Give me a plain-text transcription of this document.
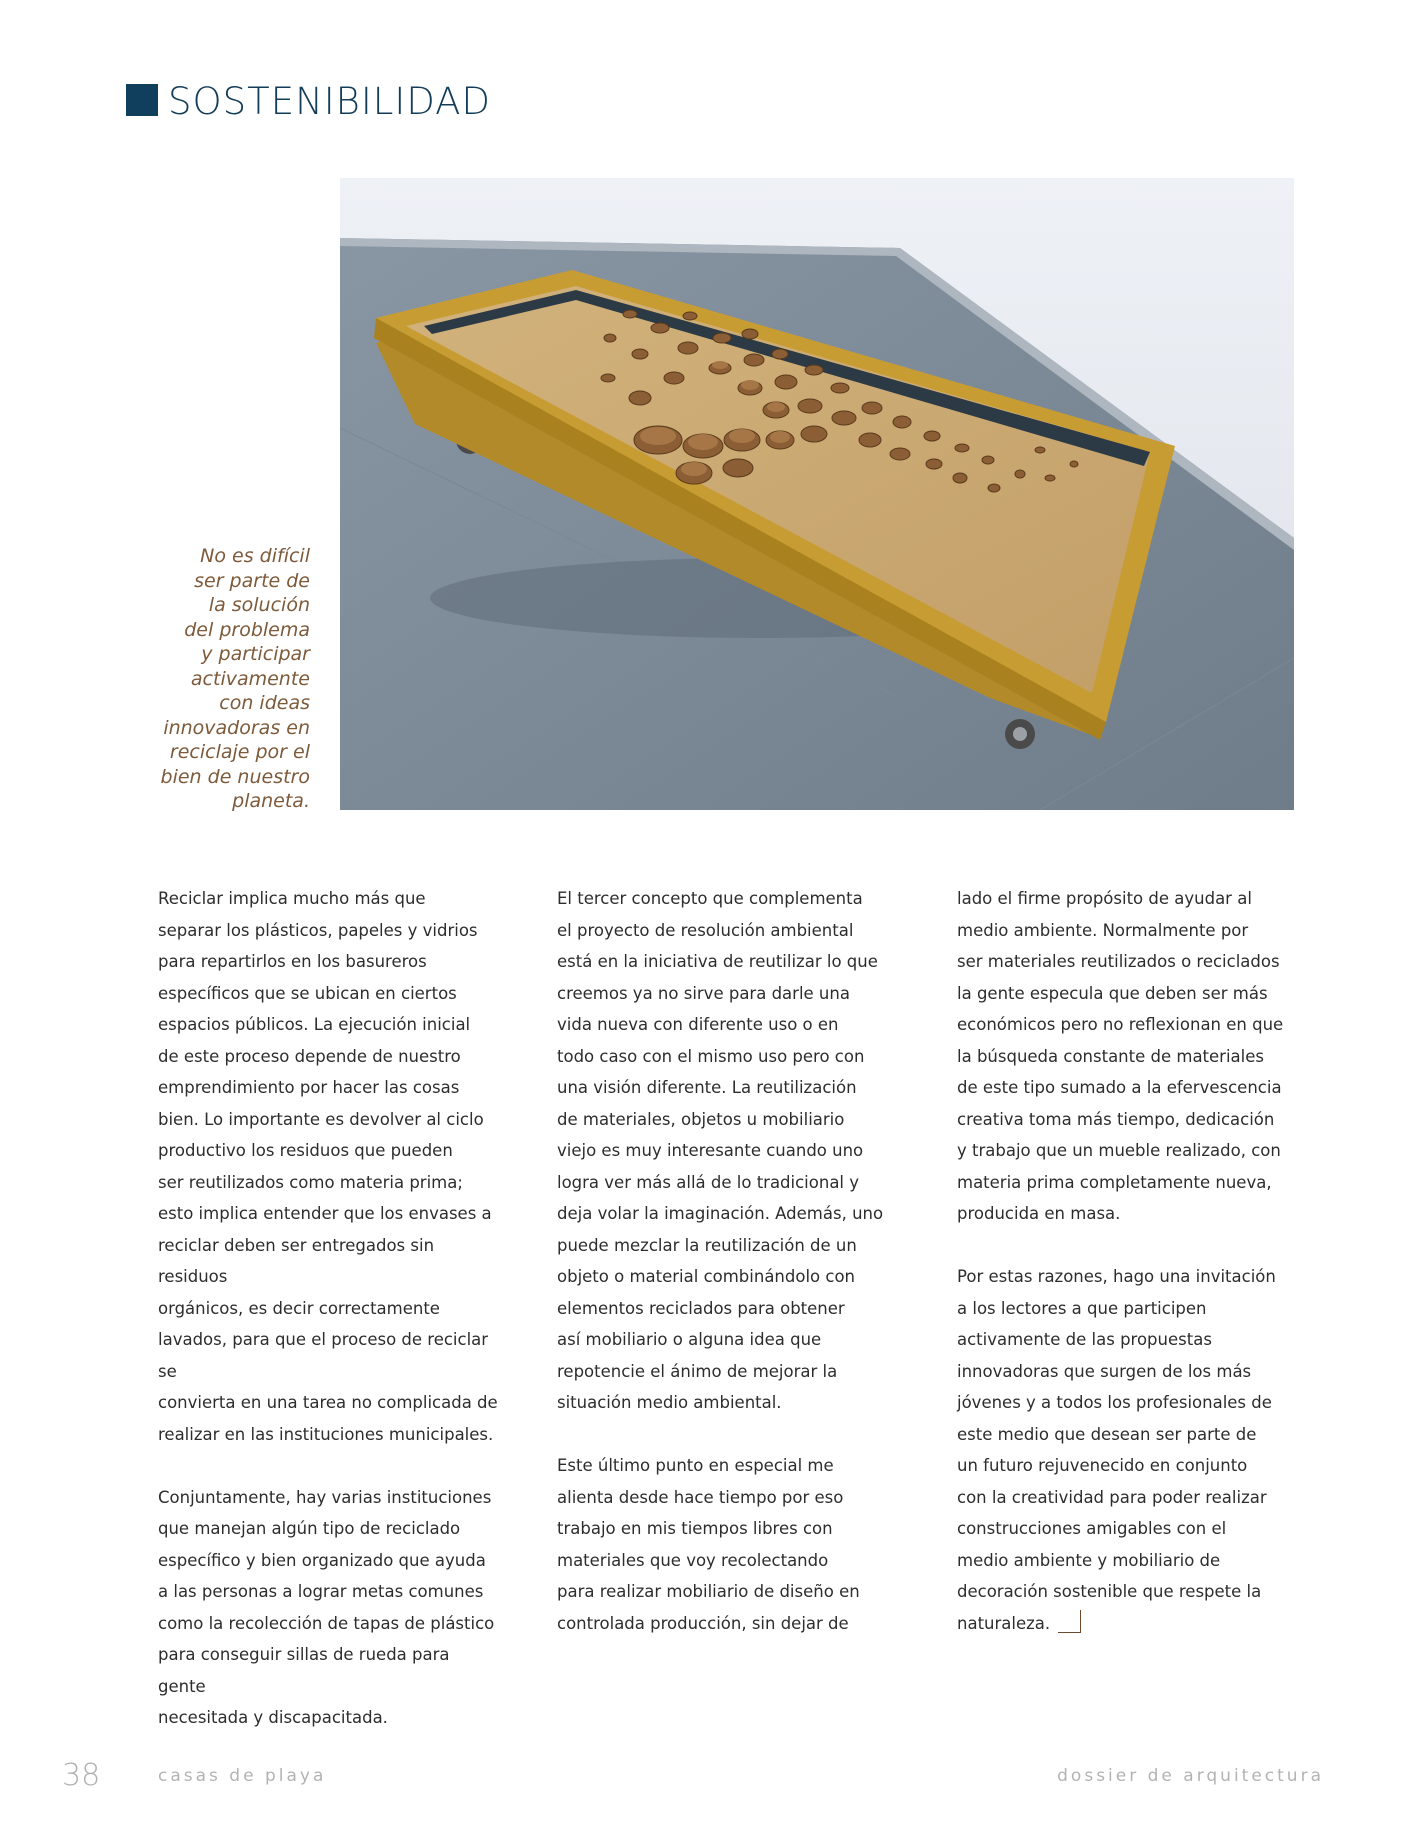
SOSTENIBILIDAD
No es difícil
ser parte de
la solución
del problema
y participar
activamente
con ideas
innovadoras en
reciclaje por el
bien de nuestro
planeta.

Reciclar implica mucho más que
separar los plásticos, papeles y vidrios
para repartirlos en los basureros
específicos que se ubican en ciertos
espacios públicos. La ejecución inicial
de este proceso depende de nuestro
emprendimiento por hacer las cosas
bien. Lo importante es devolver al ciclo
productivo los residuos que pueden
ser reutilizados como materia prima;
esto implica entender que los envases a
reciclar deben ser entregados sin residuos
orgánicos, es decir correctamente
lavados, para que el proceso de reciclar se
convierta en una tarea no complicada de
realizar en las instituciones municipales.

Conjuntamente, hay varias instituciones
que manejan algún tipo de reciclado
específico y bien organizado que ayuda
a las personas a lograr metas comunes
como la recolección de tapas de plástico
para conseguir sillas de rueda para gente
necesitada y discapacitada.

El tercer concepto que complementa
el proyecto de resolución ambiental
está en la iniciativa de reutilizar lo que
creemos ya no sirve para darle una
vida nueva con diferente uso o en
todo caso con el mismo uso pero con
una visión diferente. La reutilización
de materiales, objetos u mobiliario
viejo es muy interesante cuando uno
logra ver más allá de lo tradicional y
deja volar la imaginación. Además, uno
puede mezclar la reutilización de un
objeto o material combinándolo con
elementos reciclados para obtener
así mobiliario o alguna idea que
repotencie el ánimo de mejorar la
situación medio ambiental.

Este último punto en especial me
alienta desde hace tiempo por eso
trabajo en mis tiempos libres con
materiales que voy recolectando
para realizar mobiliario de diseño en
controlada producción, sin dejar de

lado el firme propósito de ayudar al
medio ambiente. Normalmente por
ser materiales reutilizados o reciclados
la gente especula que deben ser más
económicos pero no reflexionan en que
la búsqueda constante de materiales
de este tipo sumado a la efervescencia
creativa toma más tiempo, dedicación
y trabajo que un mueble realizado, con
materia prima completamente nueva,
producida en masa.

Por estas razones, hago una invitación
a los lectores a que participen
activamente de las propuestas
innovadoras que surgen de los más
jóvenes y a todos los profesionales de
este medio que desean ser parte de
un futuro rejuvenecido en conjunto
con la creatividad para poder realizar
construcciones amigables con el
medio ambiente y mobiliario de
decoración sostenible que respete la
naturaleza.

38	casas de playa	dossier de arquitectura
